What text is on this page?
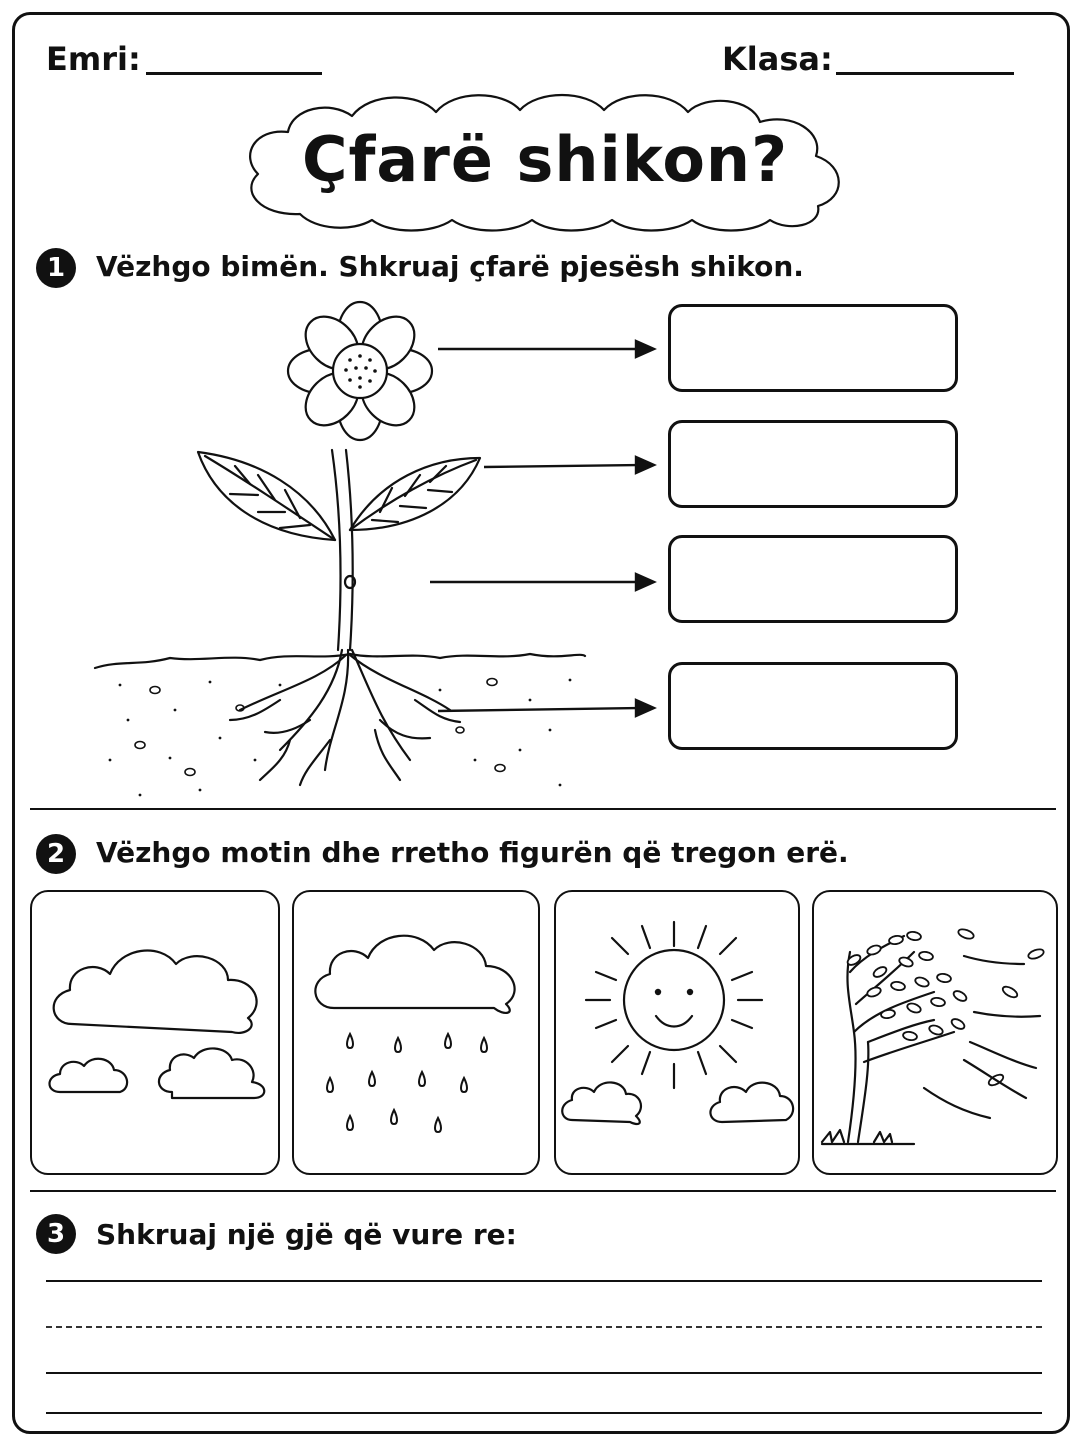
Emri:	Klasa:
Çfarë shikon?
1	Vëzhgo bimën. Shkruaj çfarë pjesësh shikon.
2	Vëzhgo motin dhe rretho figurën që tregon erë.
3	Shkruaj një gjë që vure re:
